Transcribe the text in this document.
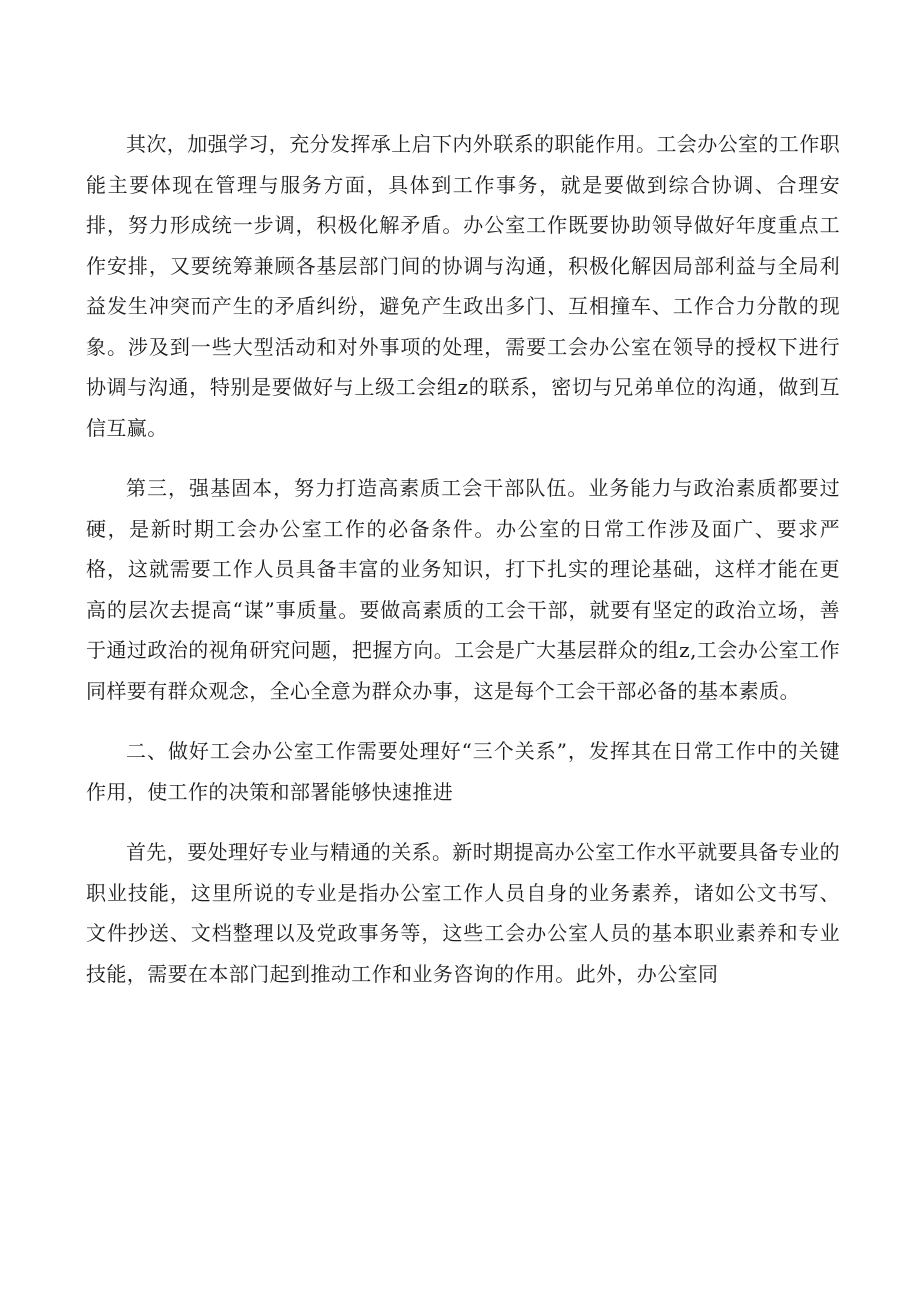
其次，加强学习，充分发挥承上启下内外联系的职能作用。工会办公室的工作职能主要体现在管理与服务方面，具体到工作事务，就是要做到综合协调、合理安排，努力形成统一步调，积极化解矛盾。办公室工作既要协助领导做好年度重点工作安排，又要统筹兼顾各基层部门间的协调与沟通，积极化解因局部利益与全局利益发生冲突而产生的矛盾纠纷，避免产生政出多门、互相撞车、工作合力分散的现象。涉及到一些大型活动和对外事项的处理，需要工会办公室在领导的授权下进行协调与沟通，特别是要做好与上级工会组z的联系，密切与兄弟单位的沟通，做到互信互赢。

第三，强基固本，努力打造高素质工会干部队伍。业务能力与政治素质都要过硬，是新时期工会办公室工作的必备条件。办公室的日常工作涉及面广、要求严格，这就需要工作人员具备丰富的业务知识，打下扎实的理论基础，这样才能在更高的层次去提高“谋”事质量。要做高素质的工会干部，就要有坚定的政治立场，善于通过政治的视角研究问题，把握方向。工会是广大基层群众的组z,工会办公室工作同样要有群众观念，全心全意为群众办事，这是每个工会干部必备的基本素质。

二、做好工会办公室工作需要处理好“三个关系”，发挥其在日常工作中的关键作用，使工作的决策和部署能够快速推进

首先，要处理好专业与精通的关系。新时期提高办公室工作水平就要具备专业的职业技能，这里所说的专业是指办公室工作人员自身的业务素养，诸如公文书写、文件抄送、文档整理以及党政事务等，这些工会办公室人员的基本职业素养和专业技能，需要在本部门起到推动工作和业务咨询的作用。此外，办公室同
